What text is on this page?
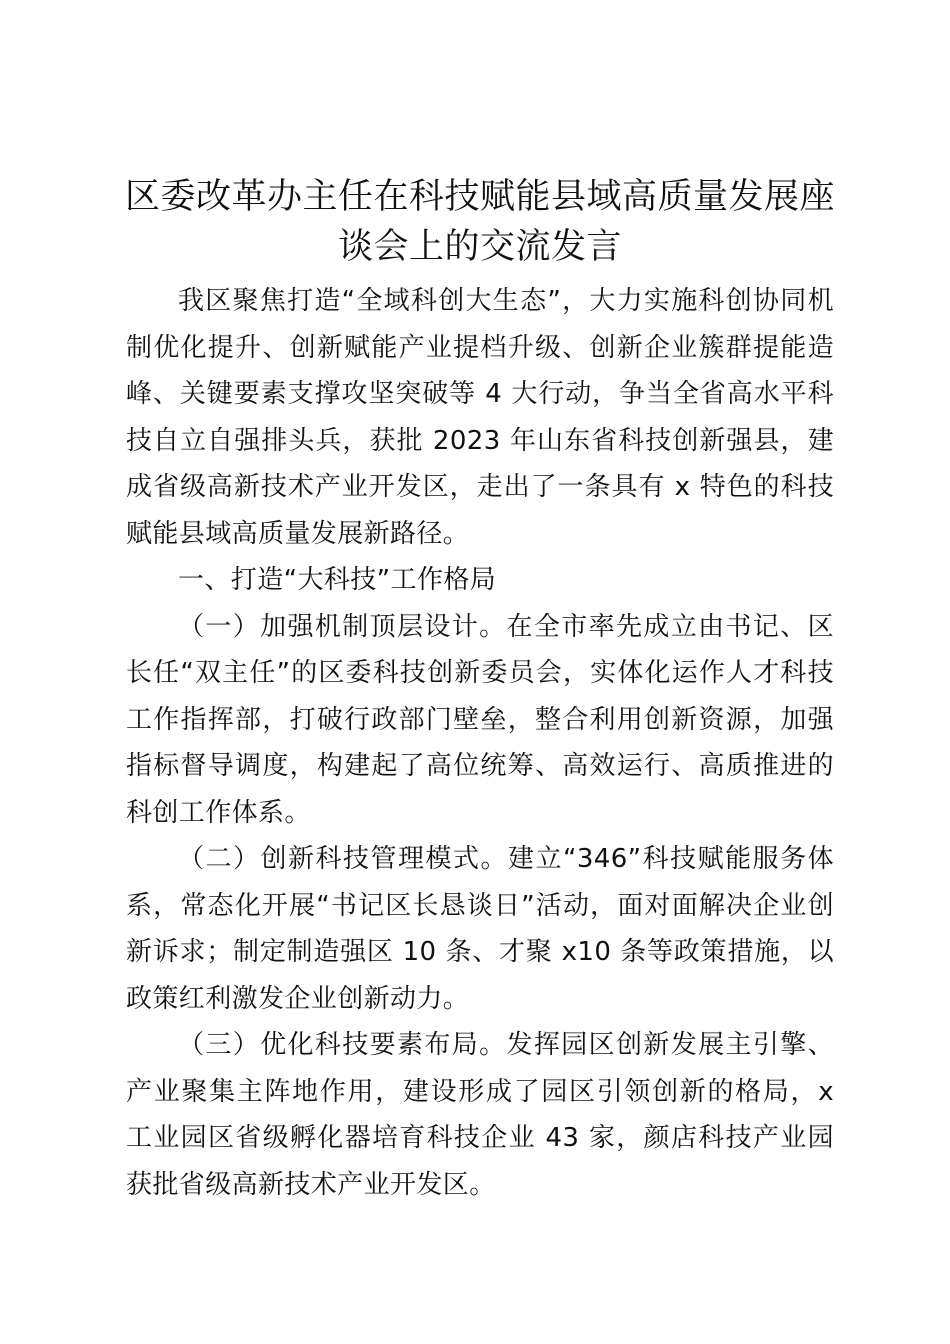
区委改革办主任在科技赋能县域高质量发展座谈会上的交流发言

我区聚焦打造“全域科创大生态”，大力实施科创协同机制优化提升、创新赋能产业提档升级、创新企业簇群提能造峰、关键要素支撑攻坚突破等 4 大行动，争当全省高水平科技自立自强排头兵，获批 2023 年山东省科技创新强县，建成省级高新技术产业开发区，走出了一条具有 x 特色的科技赋能县域高质量发展新路径。

一、打造“大科技”工作格局

（一）加强机制顶层设计。在全市率先成立由书记、区长任“双主任”的区委科技创新委员会，实体化运作人才科技工作指挥部，打破行政部门壁垒，整合利用创新资源，加强指标督导调度，构建起了高位统筹、高效运行、高质推进的科创工作体系。

（二）创新科技管理模式。建立“346”科技赋能服务体系，常态化开展“书记区长恳谈日”活动，面对面解决企业创新诉求；制定制造强区 10 条、才聚 x10 条等政策措施，以政策红利激发企业创新动力。

（三）优化科技要素布局。发挥园区创新发展主引擎、产业聚集主阵地作用，建设形成了园区引领创新的格局，x 工业园区省级孵化器培育科技企业 43 家，颜店科技产业园获批省级高新技术产业开发区。
